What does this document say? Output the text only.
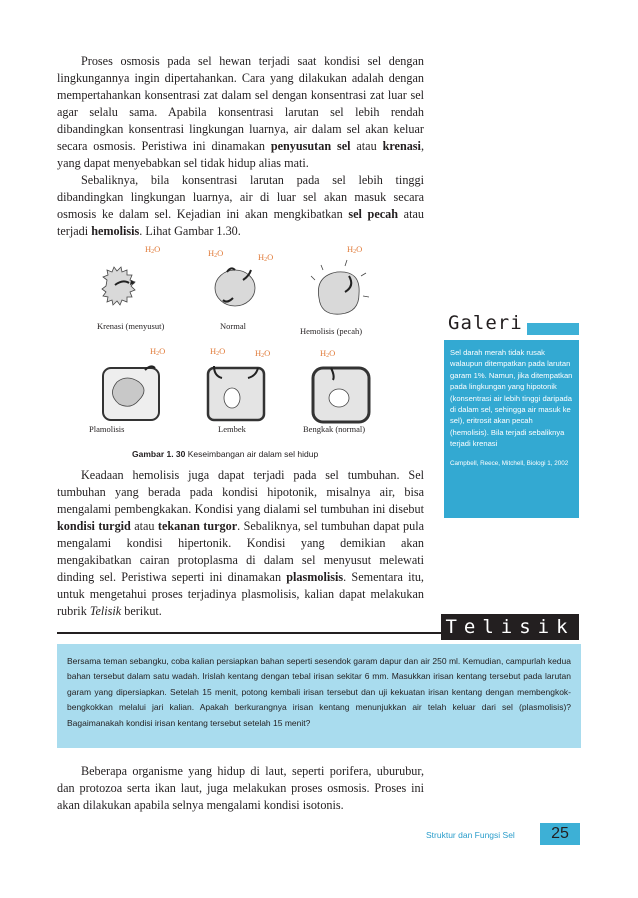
Proses osmosis pada sel hewan terjadi saat kondisi sel dengan lingkungannya ingin dipertahankan. Cara yang dilakukan adalah dengan mempertahankan konsentrasi zat dalam sel dengan konsentrasi zat luar sel agar selalu sama. Apabila konsentrasi larutan sel lebih rendah dibandingkan konsentrasi lingkungan luarnya, air dalam sel akan keluar secara osmosis. Peristiwa ini dinamakan penyusutan sel atau krenasi, yang dapat menyebabkan sel tidak hidup alias mati.

Sebaliknya, bila konsentrasi larutan pada sel lebih tinggi dibandingkan lingkungan luarnya, air di luar sel akan masuk secara osmosis ke dalam sel. Kejadian ini akan mengkibatkan sel pecah atau terjadi hemolisis. Lihat Gambar 1.30.

$H_2O$	$H_2O$	$H_2O$
$H_2O$
Krenasi (menyusut)	Normal	Hemolisis (pecah)
$H_2O$	$H_2O$	$H_2O$	$H_2O$
Plamolisis	Lembek	Bengkak (normal)
Gambar 1. 30 Keseimbangan air dalam sel hidup

Keadaan hemolisis juga dapat terjadi pada sel tumbuhan. Sel tumbuhan yang berada pada kondisi hipotonik, misalnya air, bisa mengalami pembengkakan. Kondisi yang dialami sel tumbuhan ini disebut kondisi turgid atau tekanan turgor. Sebaliknya, sel tumbuhan dapat pula mengalami kondisi hipertonik. Kondisi yang demikian akan mengakibatkan cairan protoplasma di dalam sel menyusut melewati dinding sel. Peristiwa seperti ini dinamakan plasmolisis. Sementara itu, untuk mengetahui proses terjadinya plasmolisis, kalian dapat melakukan rubrik Telisik berikut.

Galeri
Sel darah merah tidak rusak walaupun ditempatkan pada larutan garam 1%. Namun, jika ditempatkan pada lingkungan yang hipotonik (konsentrasi air lebih tinggi daripada di dalam sel, sehingga air masuk ke sel), eritrosit akan pecah (hemolisis). Bila terjadi sebaliknya terjadi krenasi
Campbell, Reece, Mitchell, Biologi 1, 2002
Telisik
Bersama teman sebangku, coba kalian persiapkan bahan seperti sesendok garam dapur dan air 250 ml. Kemudian, campurlah kedua bahan tersebut dalam satu wadah. Irislah kentang dengan tebal irisan sekitar 6 mm. Masukkan irisan kentang tersebut pada larutan garam yang dipersiapkan. Setelah 15 menit, potong kembali irisan tersebut dan uji kekuatan irisan kentang dengan membengkok-bengkokkan melalui jari kalian. Apakah berkurangnya irisan kentang menunjukkan air telah keluar dari sel (plasmolisis)? Bagaimanakah kondisi irisan kentang tersebut setelah 15 menit?

Beberapa organisme yang hidup di laut, seperti porifera, uburubur, dan protozoa serta ikan laut, juga melakukan proses osmosis. Proses ini akan dilakukan apabila selnya mengalami kondisi isotonis.

Struktur dan Fungsi Sel	25
